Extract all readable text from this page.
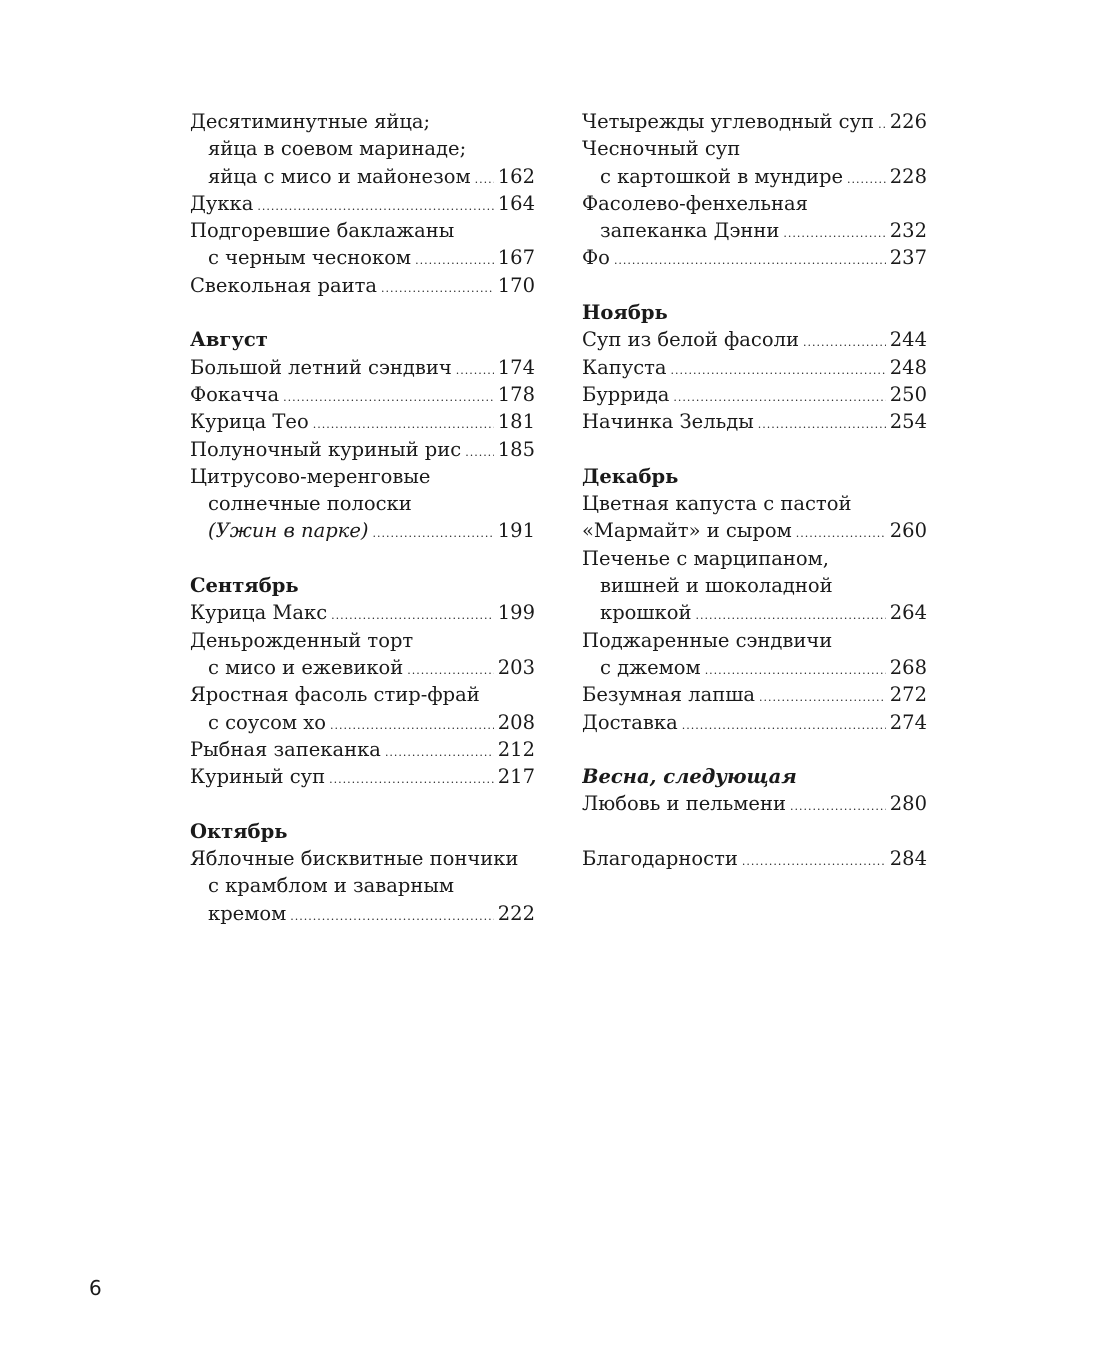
Десятиминутные яйца;
яйца в соевом маринаде;
яйца с мисо и майонезом ..... 162
Дукка .....	164
Подгоревшие баклажаны
с черным чесноком .....	167
Свекольная раита .....	170
Август
Большой летний сэндвич ..... 174
Фокачча .....	178
Курица Тео .....	181
Полуночный куриный рис ..... 185
Цитрусово-меренговые
солнечные полоски
(Ужин в парке) .....	191
Сентябрь
Курица Макс .....	199
Деньрожденный торт
с мисо и ежевикой .....	203
Яростная фасоль стир-фрай
с соусом хо .....	208
Рыбная запеканка .....	212
Куриный суп .....	217
Октябрь
Яблочные бисквитные пончики
с крамблом и заварным
кремом .....	222
Четырежды углеводный суп ..... 226
Чесночный суп
с картошкой в мундире ..... 228
Фасолево-фенхельная
запеканка Дэнни .....	232
Фо .....	237
Ноябрь
Суп из белой фасоли .....	244
Капуста .....	248
Буррида .....	250
Начинка Зельды .....	254
Декабрь
Цветная капуста с пастой
«Мармайт» и сыром .....	260
Печенье с марципаном,
вишней и шоколадной
крошкой .....	264
Поджаренные сэндвичи
с джемом .....	268
Безумная лапша .....	272
Доставка .....	274
Весна, следующая
Любовь и пельмени .....	280
Благодарности .....	284
6
